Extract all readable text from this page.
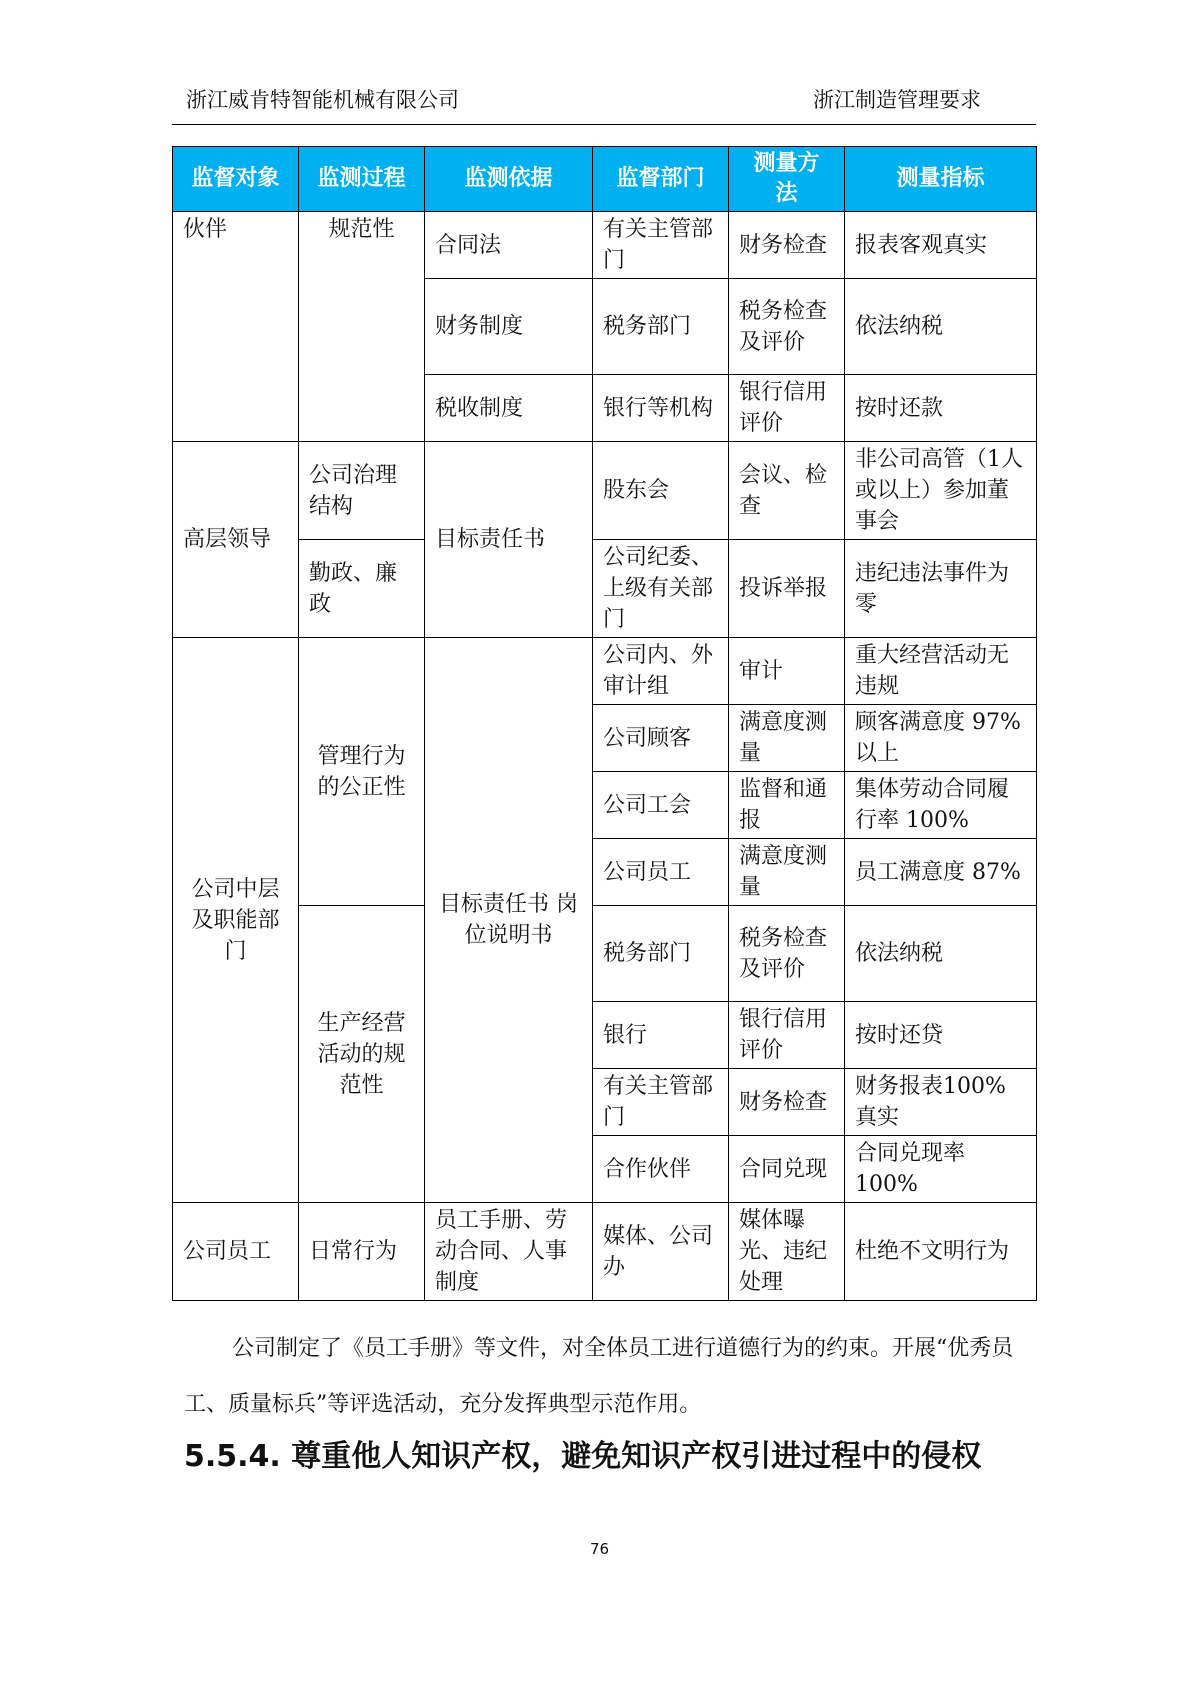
浙江威肯特智能机械有限公司	浙江制造管理要求
监督对象	监测过程	监测依据	监督部门	测量方法	测量指标
伙伴	规范性	合同法	有关主管部门	财务检查	报表客观真实
		财务制度	税务部门	税务检查及评价	依法纳税
		税收制度	银行等机构	银行信用评价	按时还款
高层领导	公司治理结构	目标责任书	股东会	会议、检查	非公司高管（1人或以上）参加董事会
	勤政、廉政		公司纪委、上级有关部门	投诉举报	违纪违法事件为零
公司中层及职能部门	管理行为的公正性	目标责任书 岗位说明书	公司内、外审计组	审计	重大经营活动无违规
			公司顾客	满意度测量	顾客满意度 97%以上
			公司工会	监督和通报	集体劳动合同履行率 100%
			公司员工	满意度测量	员工满意度 87%
	生产经营活动的规范性		税务部门	税务检查及评价	依法纳税
			银行	银行信用评价	按时还贷
			有关主管部门	财务检查	财务报表100%真实
			合作伙伴	合同兑现	合同兑现率 100%
公司员工	日常行为	员工手册、劳动合同、人事制度	媒体、公司办	媒体曝光、违纪处理	杜绝不文明行为
公司制定了《员工手册》等文件，对全体员工进行道德行为的约束。开展“优秀员工、质量标兵”等评选活动，充分发挥典型示范作用。
5.5.4. 尊重他人知识产权，避免知识产权引进过程中的侵权
76
